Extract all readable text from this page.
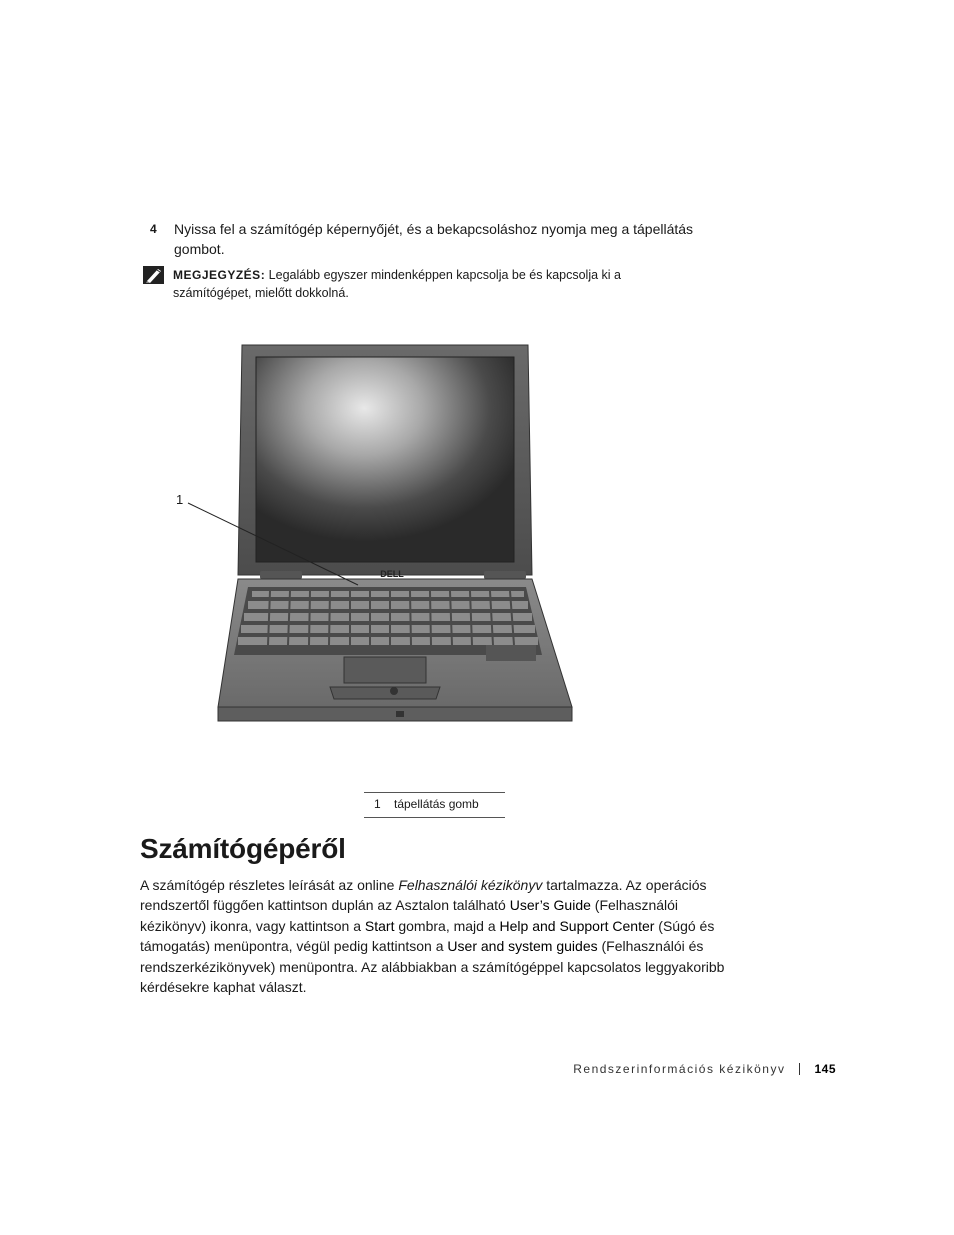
4 Nyissa fel a számítógép képernyőjét, és a bekapcsoláshoz nyomja meg a tápellátás gombot.
MEGJEGYZÉS: Legalább egyszer mindenképpen kapcsolja be és kapcsolja ki a számítógépet, mielőtt dokkolná.
DELL
1
1 tápellátás gomb
Számítógépéről

A számítógép részletes leírását az online Felhasználói kézikönyv tartalmazza. Az operációs rendszertől függően kattintson duplán az Asztalon található User’s Guide (Felhasználói kézikönyv) ikonra, vagy kattintson a Start gombra, majd a Help and Support Center (Súgó és támogatás) menüpontra, végül pedig kattintson a User and system guides (Felhasználói és rendszerkézikönyvek) menüpontra. Az alábbiakban a számítógéppel kapcsolatos leggyakoribb kérdésekre kaphat választ.

Rendszerinformációs kézikönyv 145
